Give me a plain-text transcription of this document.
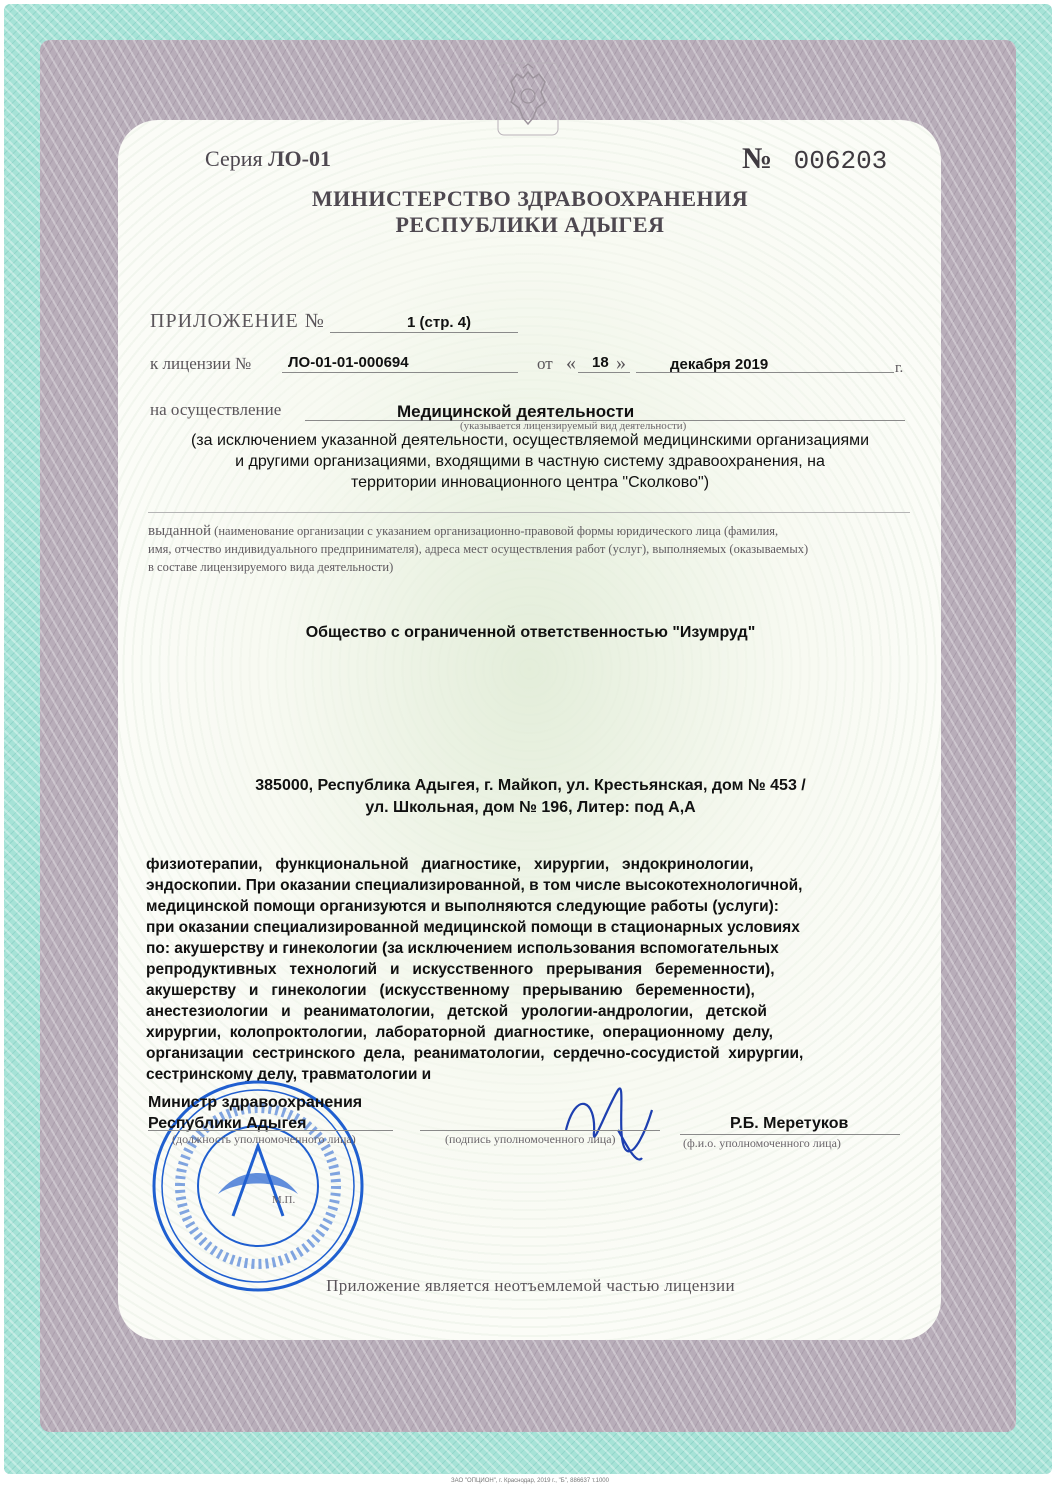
Серия ЛО-01	№ 006203
МИНИСТЕРСТВО ЗДРАВООХРАНЕНИЯ
РЕСПУБЛИКИ АДЫГЕЯ
ПРИЛОЖЕНИЕ №	1 (стр. 4)
к лицензии № ЛО-01-01-000694	от « 18 »	декабря 2019	г.
на осуществление	Медицинской деятельности
(указывается лицензируемый вид деятельности)
(за исключением указанной деятельности, осуществляемой медицинскими организациями
и другими организациями, входящими в частную систему здравоохранения, на
территории инновационного центра "Сколково")
выданной (наименование организации с указанием организационно-правовой формы юридического лица (фамилия,
имя, отчество индивидуального предпринимателя), адреса мест осуществления работ (услуг), выполняемых (оказываемых)
в составе лицензируемого вида деятельности)
Общество с ограниченной ответственностью "Изумруд"
385000, Республика Адыгея, г. Майкоп, ул. Крестьянская, дом № 453 /
ул. Школьная, дом № 196, Литер: под А,А
физиотерапии,   функциональной   диагностике,   хирургии,   эндокринологии,
эндоскопии. При оказании специализированной, в том числе высокотехнологичной,
медицинской помощи организуются и выполняются следующие работы (услуги):
при оказании специализированной медицинской помощи в стационарных условиях
по: акушерству и гинекологии (за исключением использования вспомогательных
репродуктивных   технологий   и   искусственного   прерывания   беременности),
акушерству   и   гинекологии   (искусственному   прерыванию   беременности),
анестезиологии   и   реаниматологии,   детской   урологии-андрологии,   детской
хирургии,  колопроктологии,  лабораторной  диагностике,  операционному  делу,
организации  сестринского  дела,  реаниматологии,  сердечно-сосудистой  хирургии,
сестринскому делу, травматологии и
Министр здравоохранения
Республики Адыгея
(должность уполномоченного лица)	(подпись уполномоченного лица)
Р.Б. Меретуков
(ф.и.о. уполномоченного лица)
М.П.
Приложение является неотъемлемой частью лицензии
ЗАО "ОПЦИОН", г. Краснодар, 2019 г., "Б", 886637 т.1000
